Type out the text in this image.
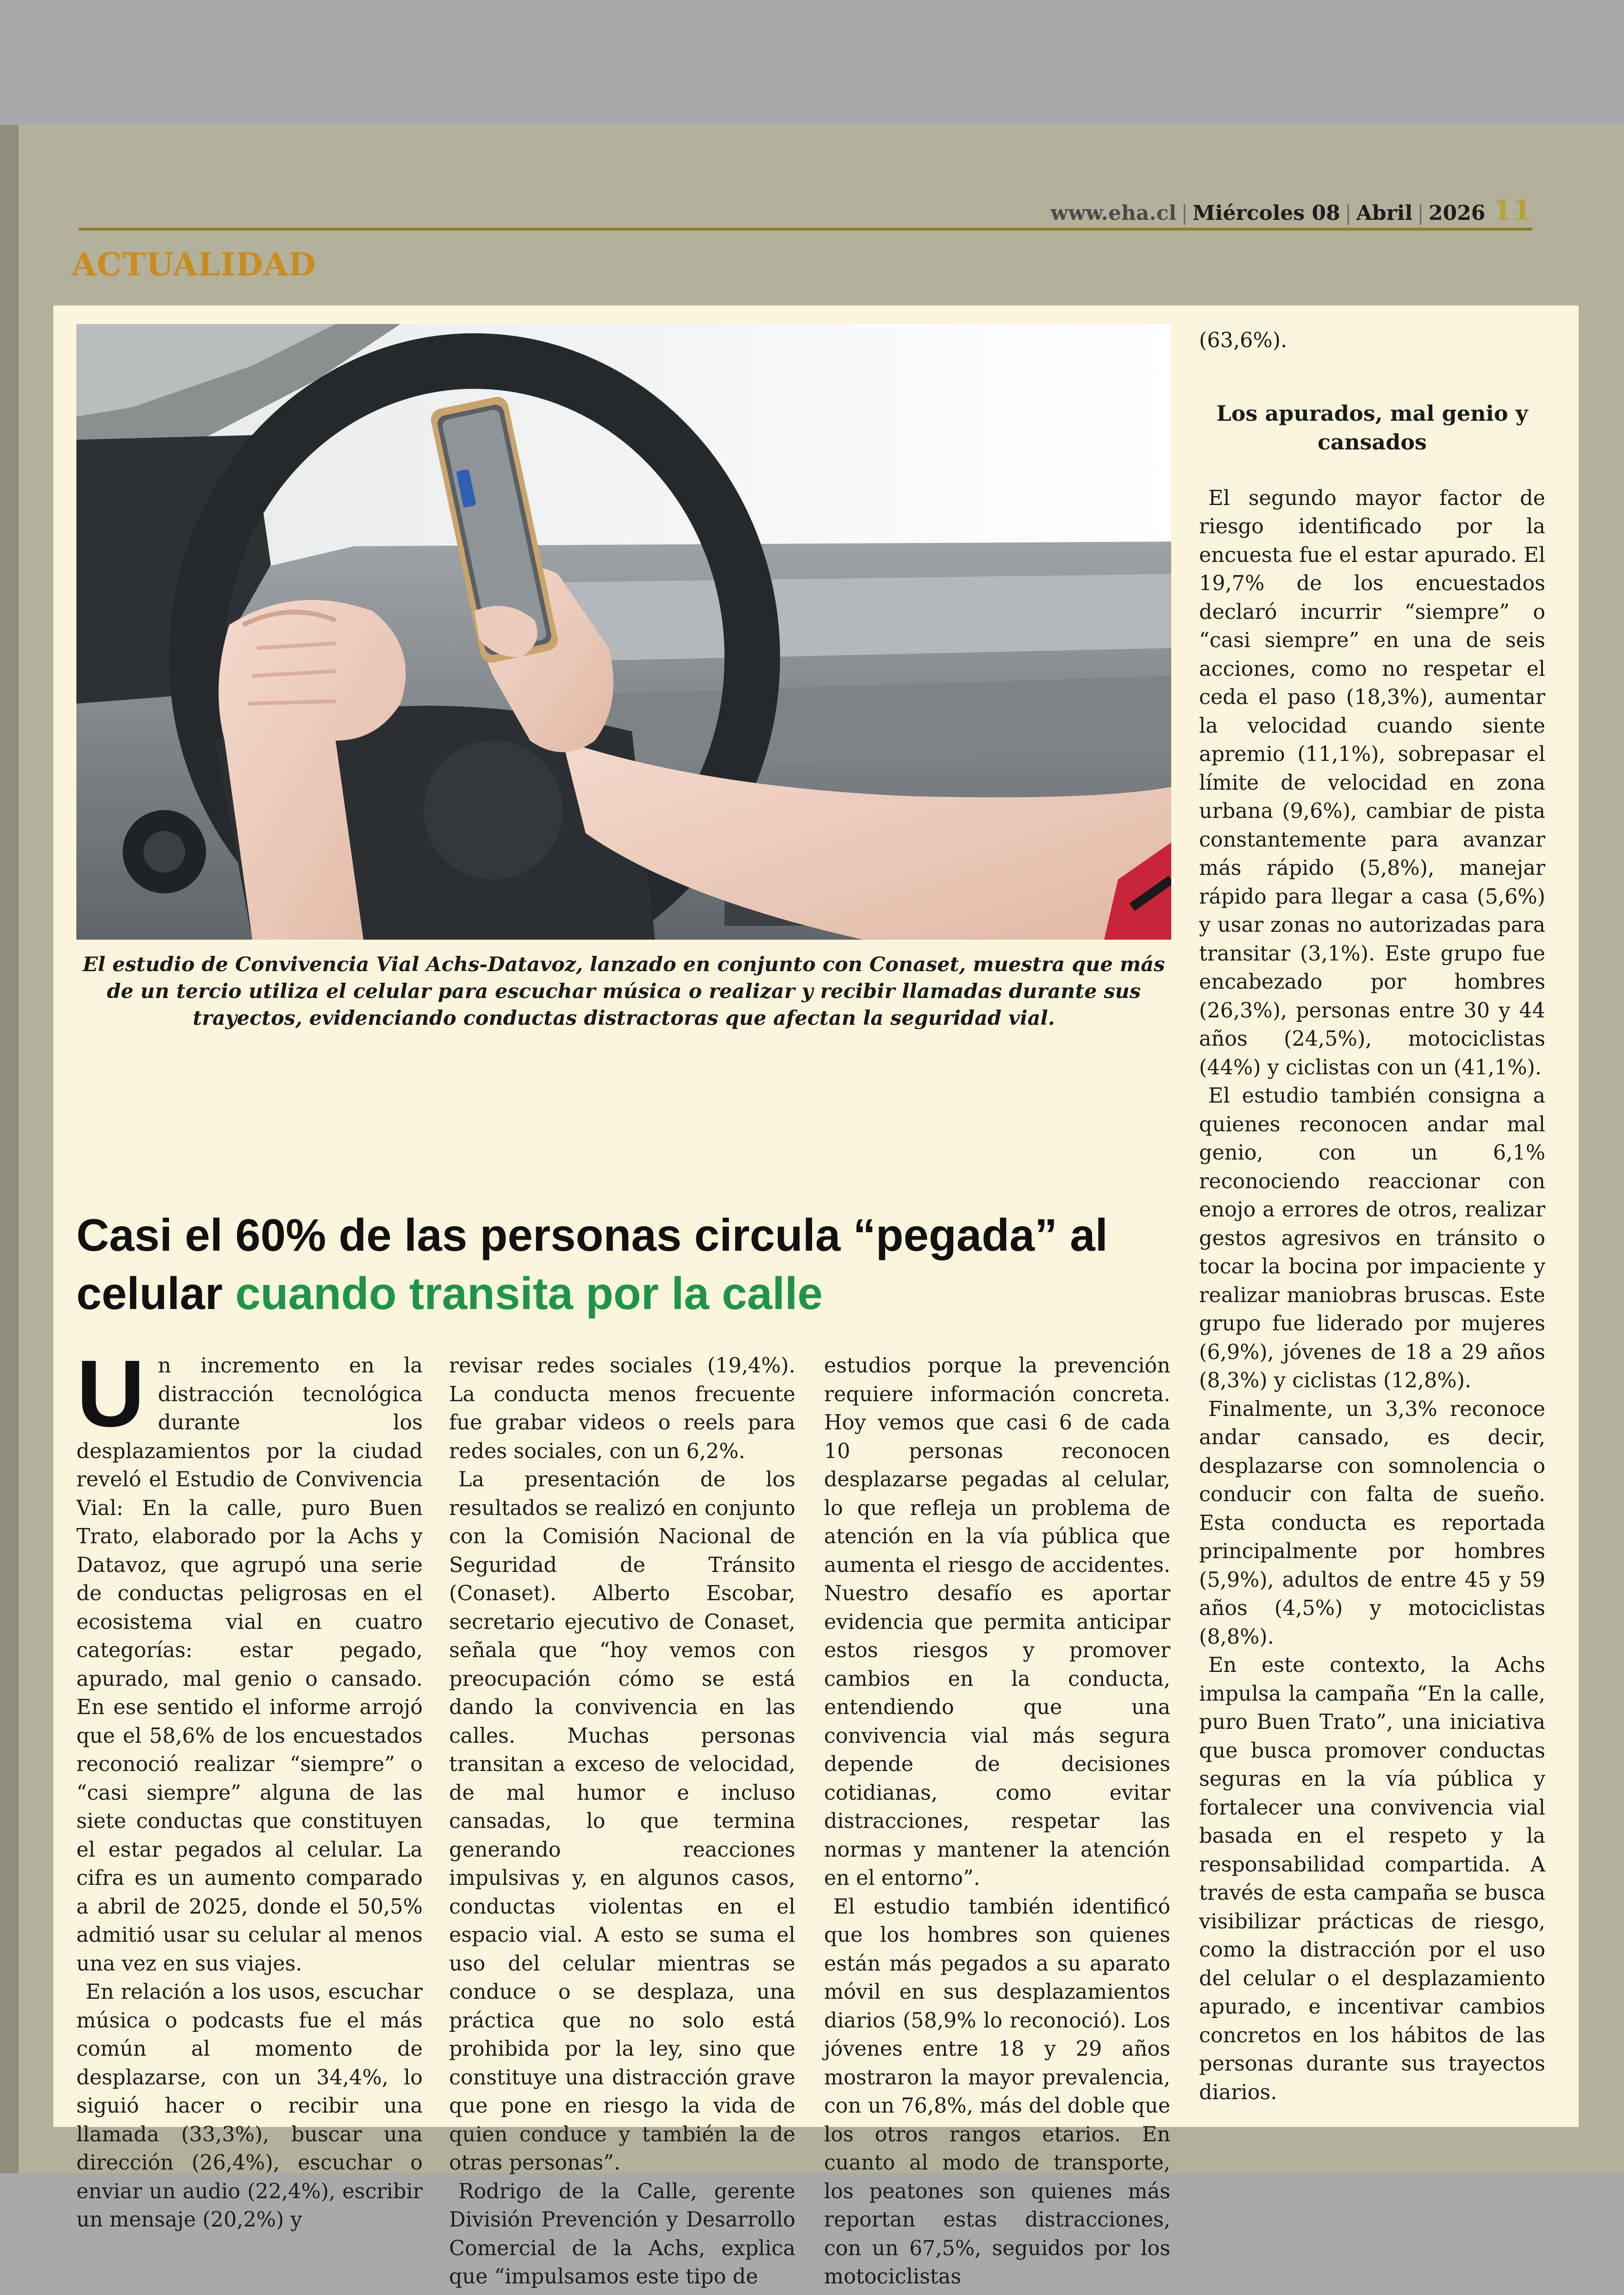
www.eha.cl | Miércoles 08 | Abril | 2026 11
ACTUALIDAD
El estudio de Convivencia Vial Achs-Datavoz, lanzado en conjunto con Conaset, muestra que más de un tercio utiliza el celular para escuchar música o realizar y recibir llamadas durante sus trayectos, evidenciando conductas distractoras que afectan la seguridad vial.
Casi el 60% de las personas circula “pegada” al celular cuando transita por la calle
U n incremento en la distracción tecnológica durante los desplazamientos por la ciudad reveló el Estudio de Convivencia Vial: En la calle, puro Buen Trato, elaborado por la Achs y Datavoz, que agrupó una serie de conductas peligrosas en el ecosistema vial en cuatro categorías: estar pegado, apurado, mal genio o cansado. En ese sentido el informe arrojó que el 58,6% de los encuestados reconoció realizar “siempre” o “casi siempre” alguna de las siete conductas que constituyen el estar pegados al celular. La cifra es un aumento comparado a abril de 2025, donde el 50,5% admitió usar su celular al menos una vez en sus viajes.

En relación a los usos, escuchar música o podcasts fue el más común al momento de desplazarse, con un 34,4%, lo siguió hacer o recibir una llamada (33,3%), buscar una dirección (26,4%), escuchar o enviar un audio (22,4%), escribir un mensaje (20,2%) y

revisar redes sociales (19,4%). La conducta menos frecuente fue grabar videos o reels para redes sociales, con un 6,2%.

La presentación de los resultados se realizó en conjunto con la Comisión Nacional de Seguridad de Tránsito (Conaset). Alberto Escobar, secretario ejecutivo de Conaset, señala que “hoy vemos con preocupación cómo se está dando la convivencia en las calles. Muchas personas transitan a exceso de velocidad, de mal humor e incluso cansadas, lo que termina generando reacciones impulsivas y, en algunos casos, conductas violentas en el espacio vial. A esto se suma el uso del celular mientras se conduce o se desplaza, una práctica que no solo está prohibida por la ley, sino que constituye una distracción grave que pone en riesgo la vida de quien conduce y también la de otras personas”.

Rodrigo de la Calle, gerente División Prevención y Desarrollo Comercial de la Achs, explica que “impulsamos este tipo de

estudios porque la prevención requiere información concreta. Hoy vemos que casi 6 de cada 10 personas reconocen desplazarse pegadas al celular, lo que refleja un problema de atención en la vía pública que aumenta el riesgo de accidentes. Nuestro desafío es aportar evidencia que permita anticipar estos riesgos y promover cambios en la conducta, entendiendo que una convivencia vial más segura depende de decisiones cotidianas, como evitar distracciones, respetar las normas y mantener la atención en el entorno”.

El estudio también identificó que los hombres son quienes están más pegados a su aparato móvil en sus desplazamientos diarios (58,9% lo reconoció). Los jóvenes entre 18 y 29 años mostraron la mayor prevalencia, con un 76,8%, más del doble que los otros rangos etarios. En cuanto al modo de transporte, los peatones son quienes más reportan estas distracciones, con un 67,5%, seguidos por los motociclistas

(63,6%).

Los apurados, mal genio y cansados

El segundo mayor factor de riesgo identificado por la encuesta fue el estar apurado. El 19,7% de los encuestados declaró incurrir “siempre” o “casi siempre” en una de seis acciones, como no respetar el ceda el paso (18,3%), aumentar la velocidad cuando siente apremio (11,1%), sobrepasar el límite de velocidad en zona urbana (9,6%), cambiar de pista constantemente para avanzar más rápido (5,8%), manejar rápido para llegar a casa (5,6%) y usar zonas no autorizadas para transitar (3,1%). Este grupo fue encabezado por hombres (26,3%), personas entre 30 y 44 años (24,5%), motociclistas (44%) y ciclistas con un (41,1%).

El estudio también consigna a quienes reconocen andar mal genio, con un 6,1% reconociendo reaccionar con enojo a errores de otros, realizar gestos agresivos en tránsito o tocar la bocina por impaciente y realizar maniobras bruscas. Este grupo fue liderado por mujeres (6,9%), jóvenes de 18 a 29 años (8,3%) y ciclistas (12,8%).

Finalmente, un 3,3% reconoce andar cansado, es decir, desplazarse con somnolencia o conducir con falta de sueño. Esta conducta es reportada principalmente por hombres (5,9%), adultos de entre 45 y 59 años (4,5%) y motociclistas (8,8%).

En este contexto, la Achs impulsa la campaña “En la calle, puro Buen Trato”, una iniciativa que busca promover conductas seguras en la vía pública y fortalecer una convivencia vial basada en el respeto y la responsabilidad compartida. A través de esta campaña se busca visibilizar prácticas de riesgo, como la distracción por el uso del celular o el desplazamiento apurado, e incentivar cambios concretos en los hábitos de las personas durante sus trayectos diarios.
